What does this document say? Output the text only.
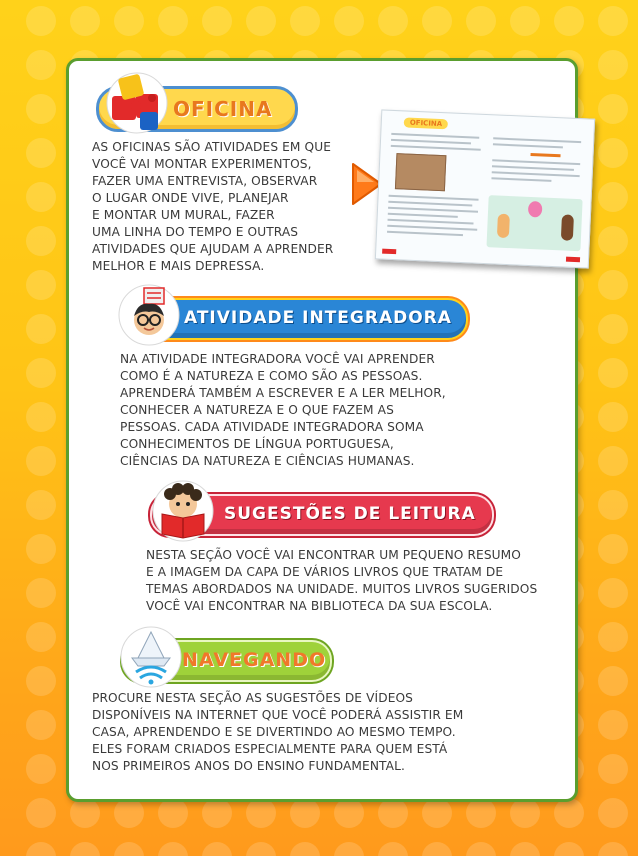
OFICINA
AS OFICINAS SÃO ATIVIDADES EM QUE
VOCÊ VAI MONTAR EXPERIMENTOS,
FAZER UMA ENTREVISTA, OBSERVAR
O LUGAR ONDE VIVE, PLANEJAR
E MONTAR UM MURAL, FAZER
UMA LINHA DO TEMPO E OUTRAS
ATIVIDADES QUE AJUDAM A APRENDER
MELHOR E MAIS DEPRESSA.
OFICINA
ATIVIDADE INTEGRADORA
NA ATIVIDADE INTEGRADORA VOCÊ VAI APRENDER
COMO É A NATUREZA E COMO SÃO AS PESSOAS.
APRENDERÁ TAMBÉM A ESCREVER E A LER MELHOR,
CONHECER A NATUREZA E O QUE FAZEM AS
PESSOAS. CADA ATIVIDADE INTEGRADORA SOMA
CONHECIMENTOS DE LÍNGUA PORTUGUESA,
CIÊNCIAS DA NATUREZA E CIÊNCIAS HUMANAS.
SUGESTÕES DE LEITURA
NESTA SEÇÃO VOCÊ VAI ENCONTRAR UM PEQUENO RESUMO
E A IMAGEM DA CAPA DE VÁRIOS LIVROS QUE TRATAM DE
TEMAS ABORDADOS NA UNIDADE. MUITOS LIVROS SUGERIDOS
VOCÊ VAI ENCONTRAR NA BIBLIOTECA DA SUA ESCOLA.
NAVEGANDO
PROCURE NESTA SEÇÃO AS SUGESTÕES DE VÍDEOS
DISPONÍVEIS NA INTERNET QUE VOCÊ PODERÁ ASSISTIR EM
CASA, APRENDENDO E SE DIVERTINDO AO MESMO TEMPO.
ELES FORAM CRIADOS ESPECIALMENTE PARA QUEM ESTÁ
NOS PRIMEIROS ANOS DO ENSINO FUNDAMENTAL.
